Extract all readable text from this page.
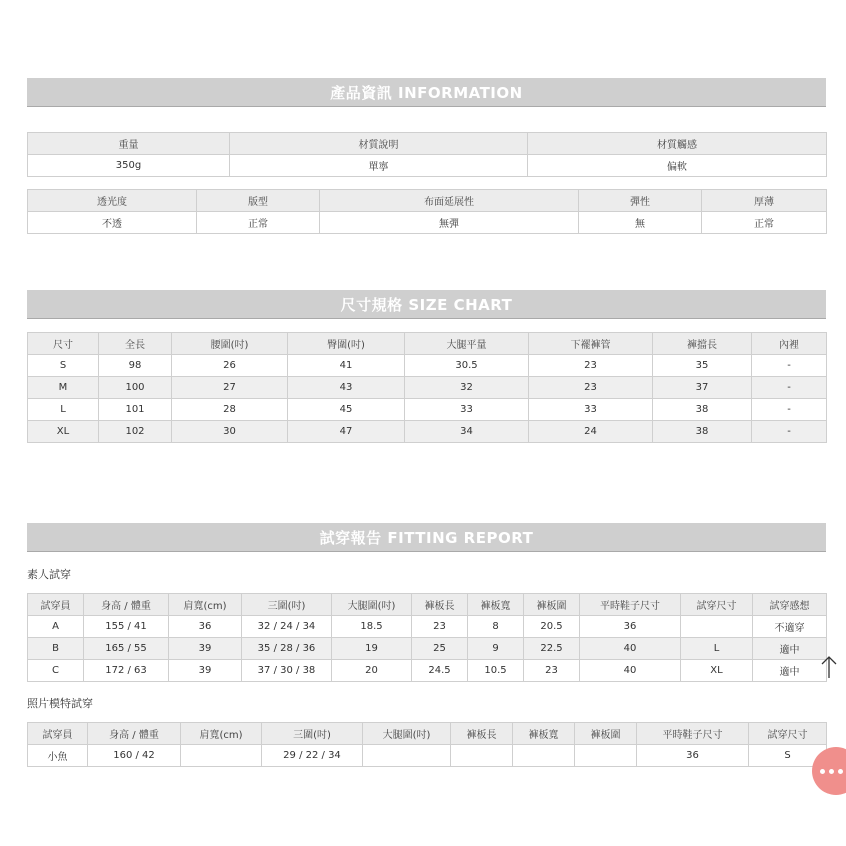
產品資訊 INFORMATION
重量	材質說明	材質觸感
350g	單寧	偏軟
透光度	版型	布面延展性	彈性	厚薄
不透	正常	無彈	無	正常
尺寸規格 SIZE CHART
尺寸	全長	腰圍(吋)	臀圍(吋)	大腿平量	下襬褲管	褲擋長	內裡
S	98	26	41	30.5	23	35	-
M	100	27	43	32	23	37	-
L	101	28	45	33	33	38	-
XL	102	30	47	34	24	38	-
試穿報告 FITTING REPORT
素人試穿
試穿員	身高 / 體重	肩寬(cm)	三圍(吋)	大腿圍(吋)	褲板長	褲板寬	褲板圍	平時鞋子尺寸	試穿尺寸	試穿感想
A	155 / 41	36	32 / 24 / 34	18.5	23	8	20.5	36		不適穿
B	165 / 55	39	35 / 28 / 36	19	25	9	22.5	40	L	適中
C	172 / 63	39	37 / 30 / 38	20	24.5	10.5	23	40	XL	適中
照片模特試穿
試穿員	身高 / 體重	肩寬(cm)	三圍(吋)	大腿圍(吋)	褲板長	褲板寬	褲板圍	平時鞋子尺寸	試穿尺寸
小魚	160 / 42		29 / 22 / 34					36	S
